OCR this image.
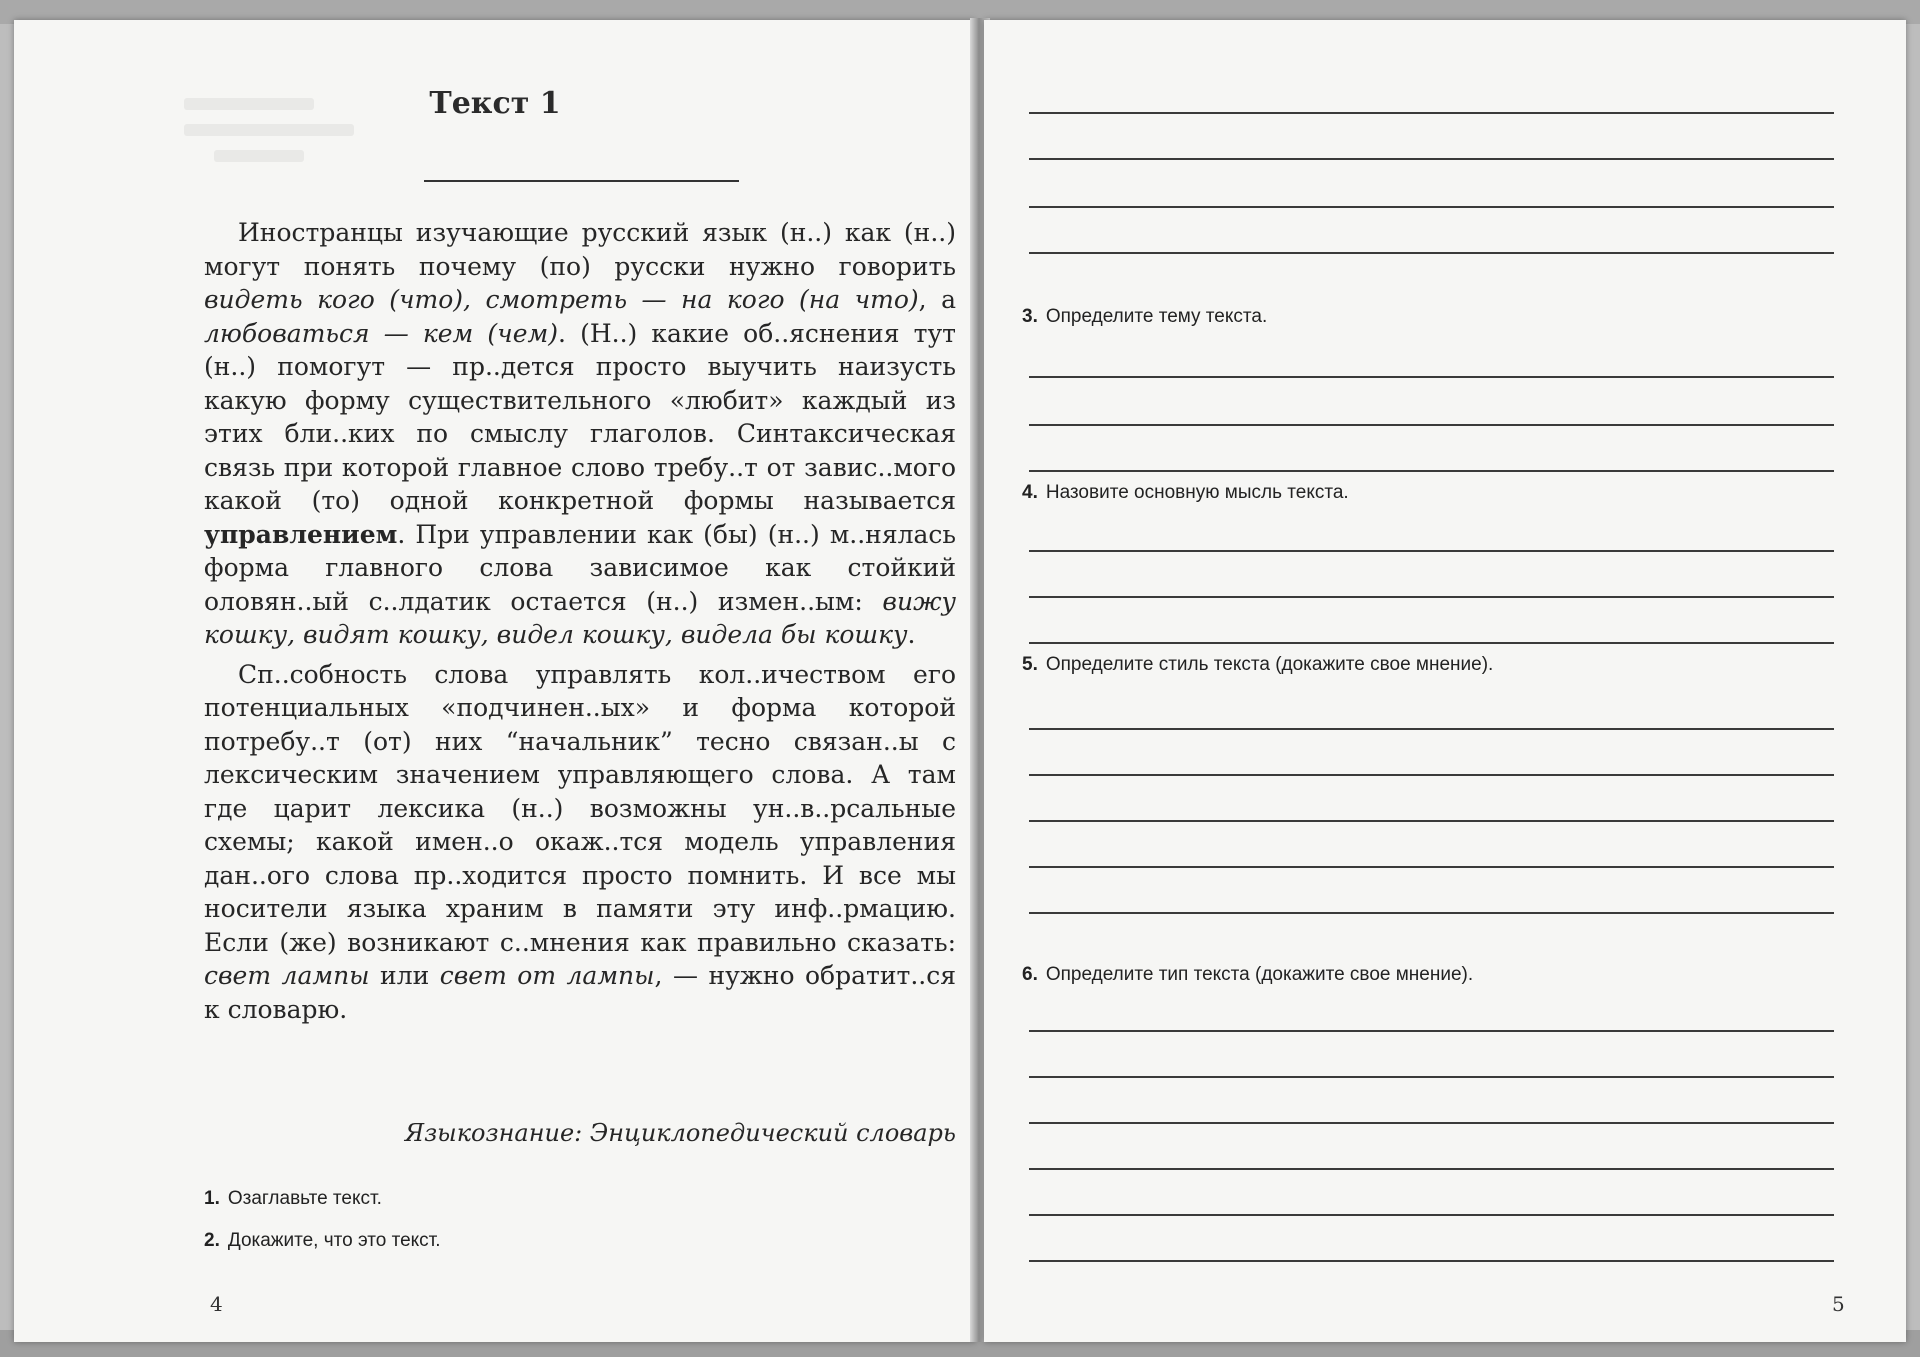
Текст 1

Иностранцы изучающие русский язык (н..) как (н..) могут понять почему (по) русски нужно говорить видеть кого (что), смотреть — на кого (на что), а любоваться — кем (чем). (Н..) какие об..яснения тут (н..) помогут — пр..дется просто выучить наизусть какую форму существительного «любит» каждый из этих бли..ких по смыслу глаголов. Синтаксическая связь при которой главное слово требу..т от завис..мого какой (то) одной конкретной формы называется управлением. При управлении как (бы) (н..) м..нялась форма главного слова зависимое как стойкий оловян..ый с..лдатик остается (н..) измен..ым: вижу кошку, видят кошку, видел кошку, видела бы кошку.

Сп..собность слова управлять кол..ичеством его потенциальных «подчинен..ых» и форма которой потребу..т (от) них “начальник” тесно связан..ы с лексическим значением управляющего слова. А там где царит лексика (н..) возможны ун..в..рсальные схемы; какой имен..о окаж..тся модель управления дан..ого слова пр..ходится просто помнить. И все мы носители языка храним в памяти эту инф..рмацию. Если (же) возникают с..мнения как правильно сказать: свет лампы или свет от лампы, — нужно обратит..ся к словарю.

Языкознание: Энциклопедический словарь
1. Озаглавьте текст.
2. Докажите, что это текст.
4
3. Определите тему текста.
4. Назовите основную мысль текста.
5. Определите стиль текста (докажите свое мнение).
6. Определите тип текста (докажите свое мнение).
5
